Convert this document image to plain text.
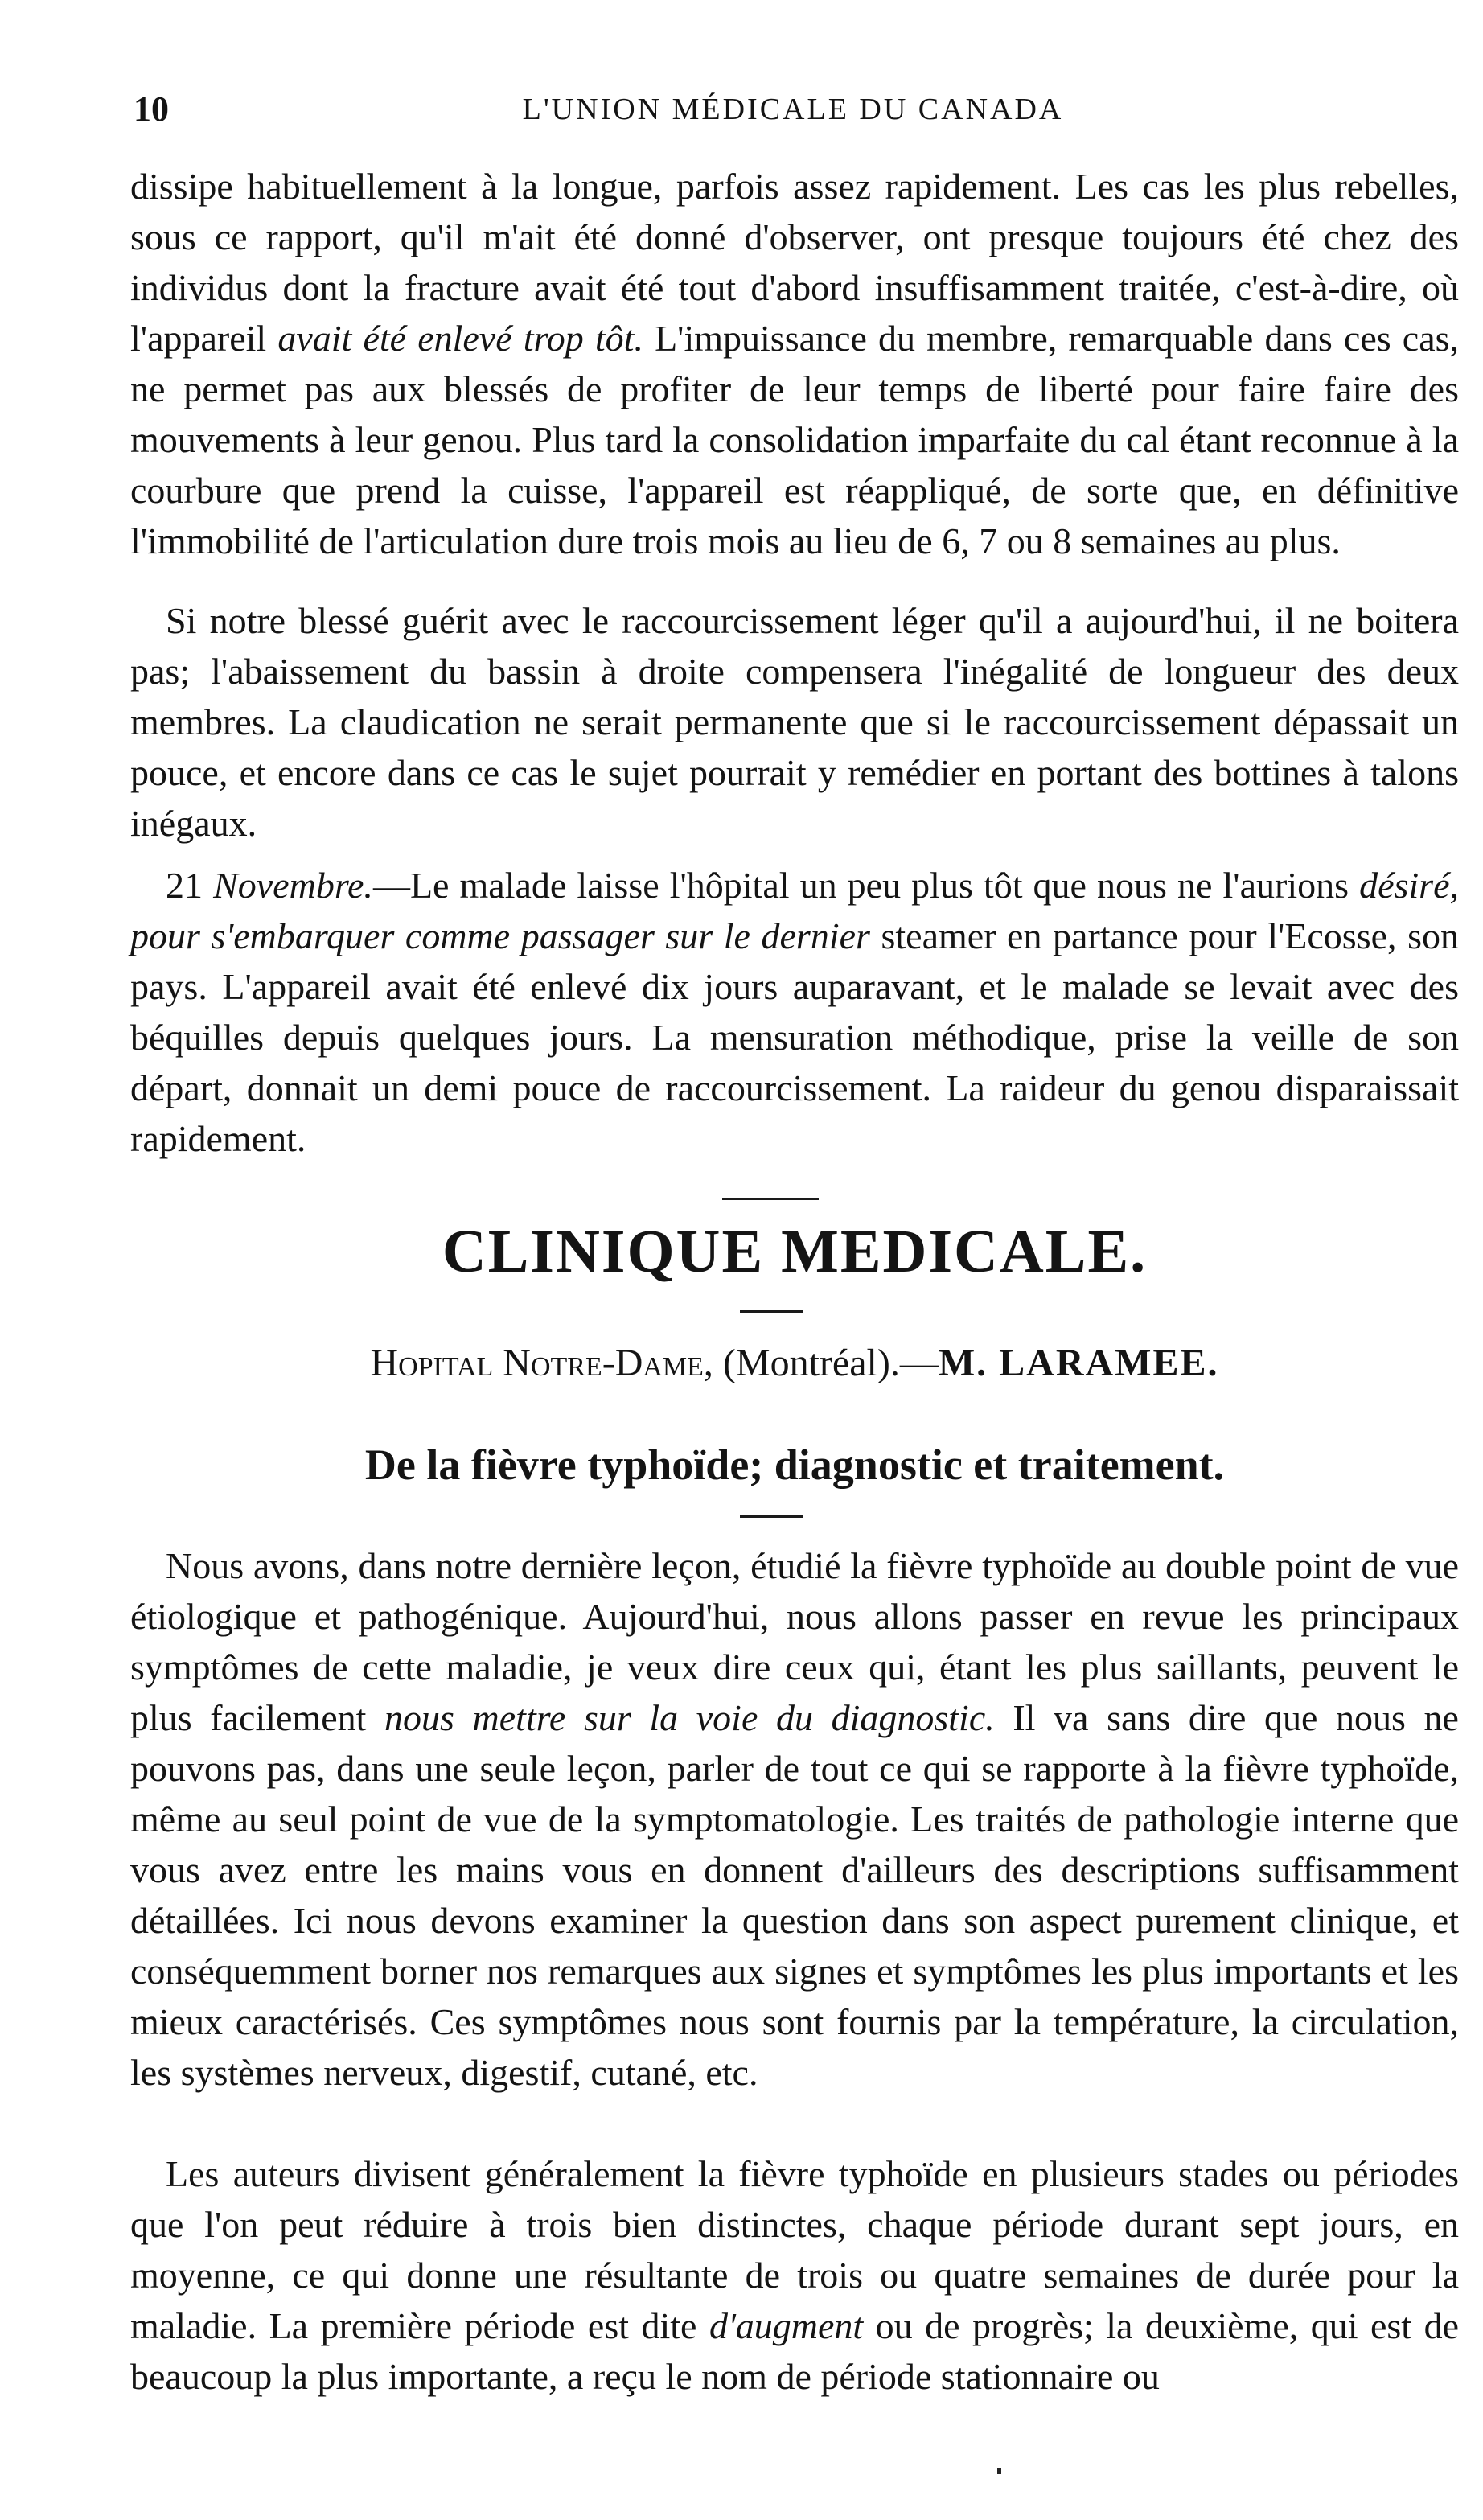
10	L'UNION MÉDICALE DU CANADA

dissipe habituellement à la longue, parfois assez rapidement. Les cas les plus rebelles, sous ce rapport, qu'il m'ait été donné d'observer, ont presque toujours été chez des individus dont la fracture avait été tout d'abord insuffisamment traitée, c'est-à-dire, où l'appareil avait été enlevé trop tôt. L'impuissance du membre, remarquable dans ces cas, ne permet pas aux blessés de profiter de leur temps de liberté pour faire faire des mouvements à leur genou. Plus tard la consolidation imparfaite du cal étant reconnue à la courbure que prend la cuisse, l'appareil est réappliqué, de sorte que, en définitive l'immobilité de l'articulation dure trois mois au lieu de 6, 7 ou 8 semaines au plus.

Si notre blessé guérit avec le raccourcissement léger qu'il a aujourd'hui, il ne boitera pas; l'abaissement du bassin à droite compensera l'inégalité de longueur des deux membres. La claudication ne serait permanente que si le raccourcissement dépassait un pouce, et encore dans ce cas le sujet pourrait y remédier en portant des bottines à talons inégaux.

21 Novembre.—Le malade laisse l'hôpital un peu plus tôt que nous ne l'aurions désiré, pour s'embarquer comme passager sur le dernier steamer en partance pour l'Ecosse, son pays. L'appareil avait été enlevé dix jours auparavant, et le malade se levait avec des béquilles depuis quelques jours. La mensuration méthodique, prise la veille de son départ, donnait un demi pouce de raccourcissement. La raideur du genou disparaissait rapidement.

CLINIQUE MEDICALE.
Hopital Notre-Dame, (Montréal).—M. LARAMEE.
De la fièvre typhoïde; diagnostic et traitement.

Nous avons, dans notre dernière leçon, étudié la fièvre typhoïde au double point de vue étiologique et pathogénique. Aujourd'hui, nous allons passer en revue les principaux symptômes de cette maladie, je veux dire ceux qui, étant les plus saillants, peuvent le plus facilement nous mettre sur la voie du diagnostic. Il va sans dire que nous ne pouvons pas, dans une seule leçon, parler de tout ce qui se rapporte à la fièvre typhoïde, même au seul point de vue de la symptomatologie. Les traités de pathologie interne que vous avez entre les mains vous en donnent d'ailleurs des descriptions suffisamment détaillées. Ici nous devons examiner la question dans son aspect purement clinique, et conséquemment borner nos remarques aux signes et symptômes les plus importants et les mieux caractérisés. Ces symptômes nous sont fournis par la température, la circulation, les systèmes nerveux, digestif, cutané, etc.

Les auteurs divisent généralement la fièvre typhoïde en plusieurs stades ou périodes que l'on peut réduire à trois bien distinctes, chaque période durant sept jours, en moyenne, ce qui donne une résultante de trois ou quatre semaines de durée pour la maladie. La première période est dite d'augment ou de progrès; la deuxième, qui est de beaucoup la plus importante, a reçu le nom de période stationnaire ou
